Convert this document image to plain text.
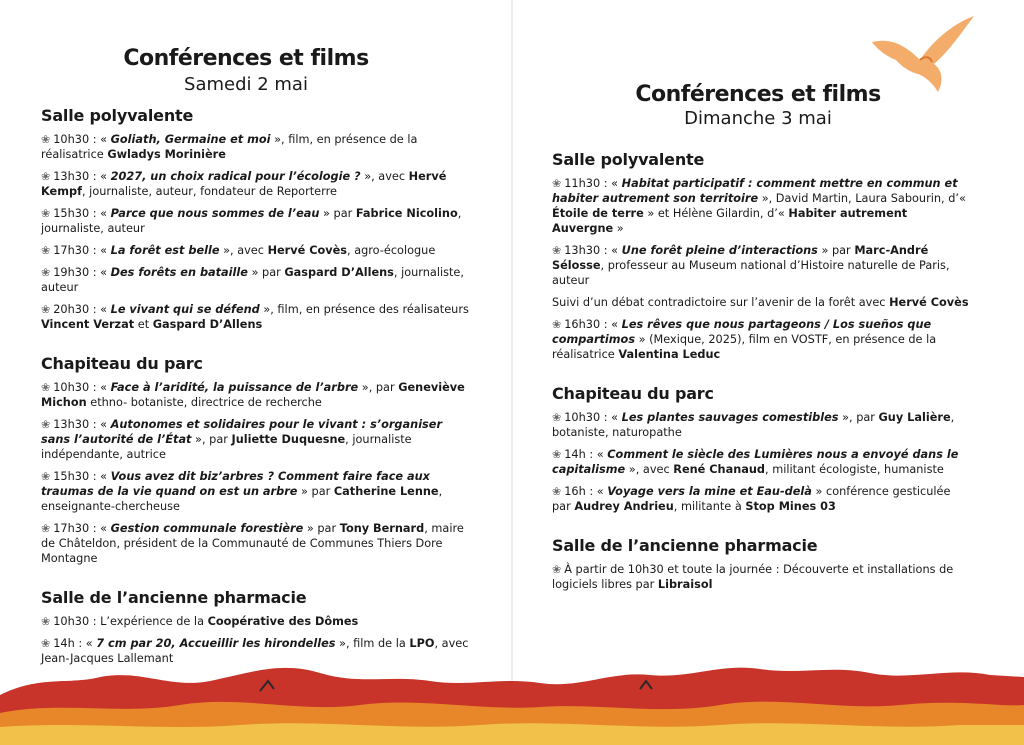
Conférences et films
Samedi 2 mai
Salle polyvalente

❀ 10h30 : « Goliath, Germaine et moi », film, en présence de la réalisatrice Gwladys Morinière

❀ 13h30 : « 2027, un choix radical pour l’écologie ? », avec Hervé Kempf, journaliste, auteur, fondateur de Reporterre

❀ 15h30 : « Parce que nous sommes de l’eau » par Fabrice Nicolino, journaliste, auteur

❀ 17h30 : « La forêt est belle », avec Hervé Covès, agro-écologue

❀ 19h30 : « Des forêts en bataille » par Gaspard D’Allens, journaliste, auteur

❀ 20h30 : « Le vivant qui se défend », film, en présence des réalisateurs Vincent Verzat et Gaspard D’Allens

Chapiteau du parc

❀ 10h30 : « Face à l’aridité, la puissance de l’arbre », par Geneviève Michon ethno- botaniste, directrice de recherche

❀ 13h30 : « Autonomes et solidaires pour le vivant : s’organiser sans l’autorité de l’État », par Juliette Duquesne, journaliste indépendante, autrice

❀ 15h30 : « Vous avez dit biz’arbres ? Comment faire face aux traumas de la vie quand on est un arbre » par Catherine Lenne, enseignante-chercheuse

❀ 17h30 : « Gestion communale forestière » par Tony Bernard, maire de Châteldon, président de la Communauté de Communes Thiers Dore Montagne

Salle de l’ancienne pharmacie

❀ 10h30 : L’expérience de la Coopérative des Dômes

❀ 14h : « 7 cm par 20, Accueillir les hirondelles », film de la LPO, avec Jean-Jacques Lallemant

Conférences et films
Dimanche 3 mai
Salle polyvalente

❀ 11h30 : « Habitat participatif : comment mettre en commun et habiter autrement son territoire », David Martin, Laura Sabourin, d’« Étoile de terre » et Hélène Gilardin, d’« Habiter autrement Auvergne »

❀ 13h30 : « Une forêt pleine d’interactions » par Marc-André Sélosse, professeur au Museum national d’Histoire naturelle de Paris, auteur

Suivi d’un débat contradictoire sur l’avenir de la forêt avec Hervé Covès

❀ 16h30 : « Les rêves que nous partageons / Los sueños que compartimos » (Mexique, 2025), film en VOSTF, en présence de la réalisatrice Valentina Leduc

Chapiteau du parc

❀ 10h30 : « Les plantes sauvages comestibles », par Guy Lalière, botaniste, naturopathe

❀ 14h : « Comment le siècle des Lumières nous a envoyé dans le capitalisme », avec René Chanaud, militant écologiste, humaniste

❀ 16h : « Voyage vers la mine et Eau-delà » conférence gesticulée par Audrey Andrieu, militante à Stop Mines 03

Salle de l’ancienne pharmacie

❀ À partir de 10h30 et toute la journée : Découverte et installations de logiciels libres par Libraisol
